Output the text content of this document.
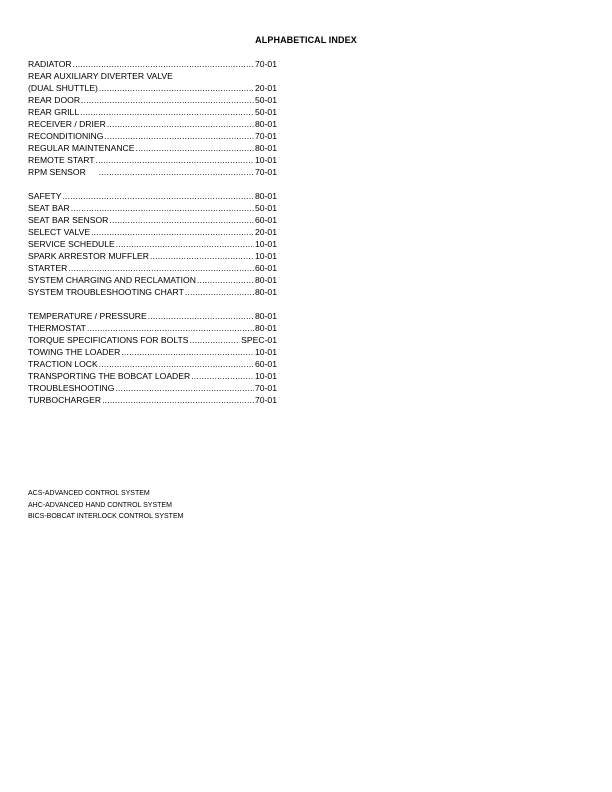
ALPHABETICAL INDEX
RADIATOR .....	70-01
REAR AUXILIARY DIVERTER VALVE
(DUAL SHUTTLE) .....	20-01
REAR DOOR .....	50-01
REAR GRILL .....	50-01
RECEIVER / DRIER .....	80-01
RECONDITIONING .....	70-01
REGULAR MAINTENANCE .....	80-01
REMOTE START .....	10-01
RPM SENSOR .....	70-01
SAFETY .....	80-01
SEAT BAR .....	50-01
SEAT BAR SENSOR .....	60-01
SELECT VALVE .....	20-01
SERVICE SCHEDULE .....	10-01
SPARK ARRESTOR MUFFLER .....	10-01
STARTER .....	60-01
SYSTEM CHARGING AND RECLAMATION .....	80-01
SYSTEM TROUBLESHOOTING CHART .....	80-01
TEMPERATURE / PRESSURE .....	80-01
THERMOSTAT .....	80-01
TORQUE SPECIFICATIONS FOR BOLTS .....	SPEC-01
TOWING THE LOADER .....	10-01
TRACTION LOCK .....	60-01
TRANSPORTING THE BOBCAT LOADER .....	10-01
TROUBLESHOOTING .....	70-01
TURBOCHARGER .....	70-01
ACS-ADVANCED CONTROL SYSTEM
AHC-ADVANCED HAND CONTROL SYSTEM
BICS-BOBCAT INTERLOCK CONTROL SYSTEM
